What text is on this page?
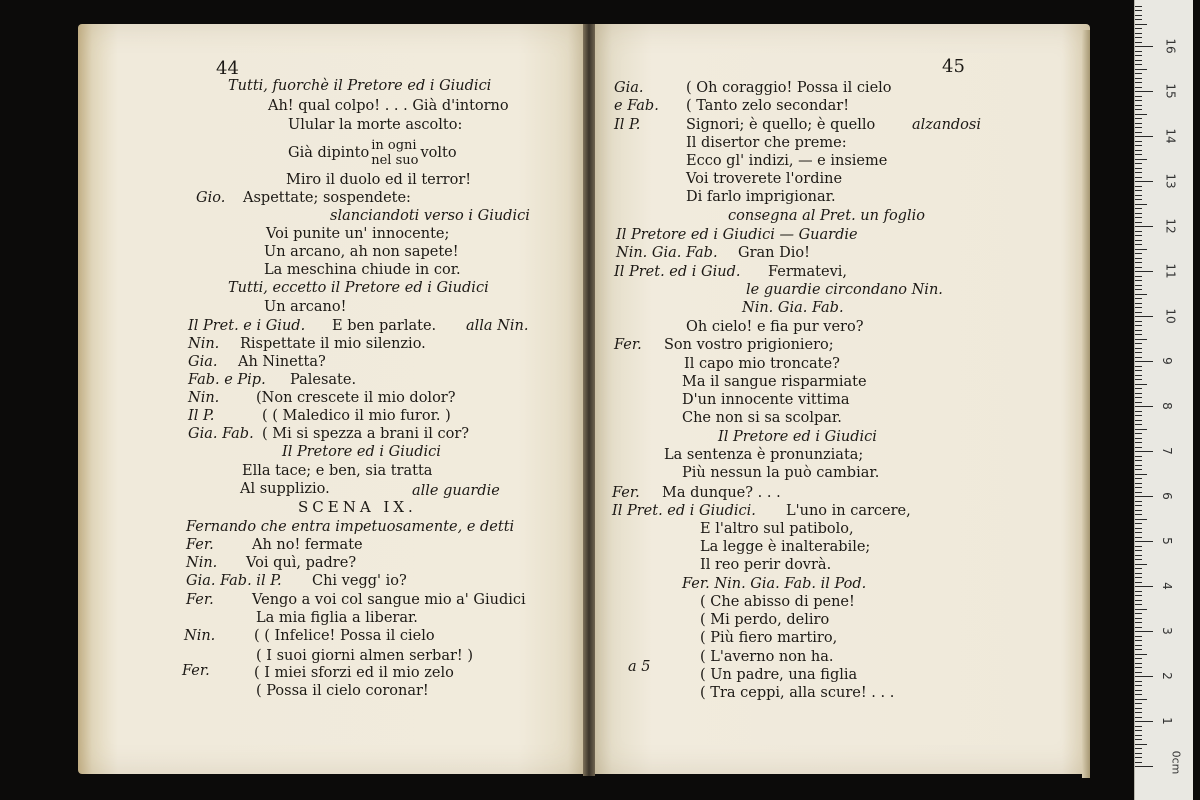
44
Tutti, fuorchè il Pretore ed i Giudici
Ah! qual colpo! . . . Già d'intorno
Ulular la morte ascolto:
Già dipinto in ogni
nel suo volto
Miro il duolo ed il terror!
Gio. Aspettate; sospendete:
slanciandoti verso i Giudici
Voi punite un' innocente;
Un arcano, ah non sapete!
La meschina chiude in cor.
Tutti, eccetto il Pretore ed i Giudici
Un arcano!
Il Pret. e i Giud. E ben parlate. alla Nin.
Nin. Rispettate il mio silenzio.
Gia. Ah Ninetta?
Fab. e Pip. Palesate.
Nin.	(Non crescete il mio dolor?
Il P.	( ( Maledico il mio furor. )
Gia. Fab. ( Mi si spezza a brani il cor?
Il Pretore ed i Giudici
Ella tace; e ben, sia tratta
Al supplizio.	alle guardie
SCENA IX.
Fernando che entra impetuosamente, e detti
Fer.	Ah no! fermate
Nin. Voi quì, padre?
Gia. Fab. il P. Chi vegg' io?
Fer.	Vengo a voi col sangue mio a' Giudici
La mia figlia a liberar.
Nin.	( ( Infelice! Possa il cielo
( I suoi giorni almen serbar! )
Fer.	( I miei sforzi ed il mio zelo
( Possa il cielo coronar!
45
Gia.	( Oh coraggio! Possa il cielo
e Fab. ( Tanto zelo secondar!
Il P.	Signori; è quello; è quello	alzandosi
Il disertor che preme:
Ecco gl' indizi, — e insieme
Voi troverete l'ordine
Di farlo imprigionar.
consegna al Pret. un foglio
Il Pretore ed i Giudici — Guardie
Nin. Gia. Fab. Gran Dio!
Il Pret. ed i Giud. Fermatevi,
le guardie circondano Nin.
Nin. Gia. Fab.
Oh cielo! e fia pur vero?
Fer. Son vostro prigioniero;
Il capo mio troncate?
Ma il sangue risparmiate
D'un innocente vittima
Che non si sa scolpar.
Il Pretore ed i Giudici
La sentenza è pronunziata;
Più nessun la può cambiar.
Fer. Ma dunque? . . .
Il Pret. ed i Giudici. L'uno in carcere,
E l'altro sul patibolo,
La legge è inalterabile;
Il reo perir dovrà.
Fer. Nin. Gia. Fab. il Pod.
( Che abisso di pene!
( Mi perdo, deliro
( Più fiero martiro,
( L'averno non ha.
a 5	( Un padre, una figlia
( Tra ceppi, alla scure! . . .
1
2
3
4
5
6
7
8
9
10
11
12
13
14
15
16
0cm
